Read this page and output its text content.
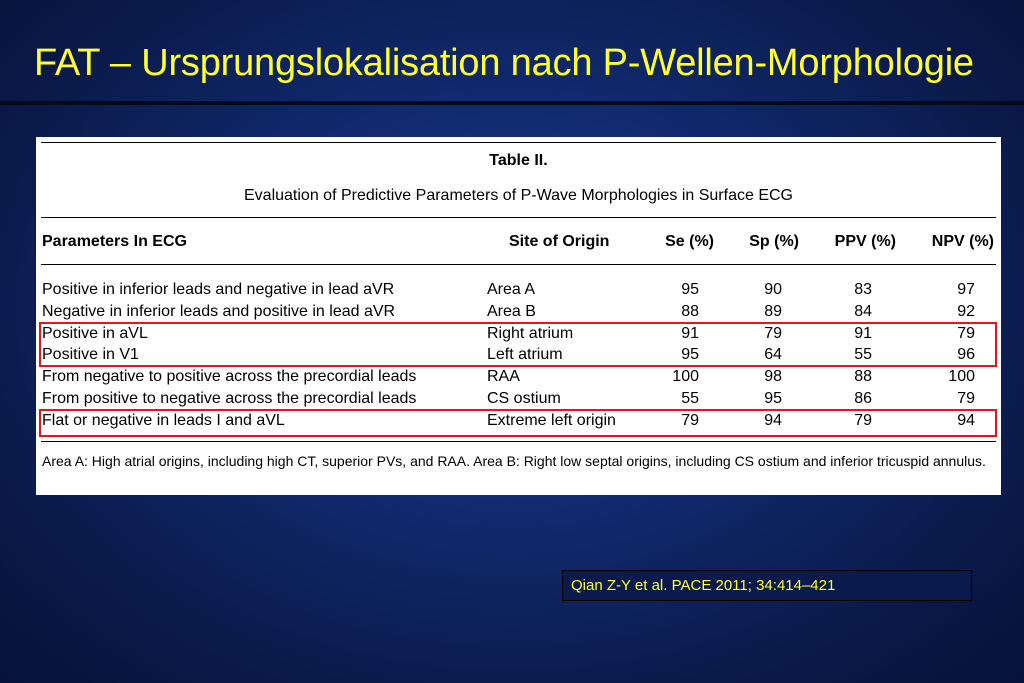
FAT – Ursprungslokalisation nach P-Wellen-Morphologie
Table II.
Evaluation of Predictive Parameters of P-Wave Morphologies in Surface ECG
Parameters In ECG	Site of Origin	Se (%)	Sp (%)	PPV (%)	NPV (%)
Positive in inferior leads and negative in lead aVR	Area A	95	90	83	97
Negative in inferior leads and positive in lead aVR	Area B	88	89	84	92
Positive in aVL	Right atrium	91	79	91	79
Positive in V1	Left atrium	95	64	55	96
From negative to positive across the precordial leads	RAA	100	98	88	100
From positive to negative across the precordial leads	CS ostium	55	95	86	79
Flat or negative in leads I and aVL	Extreme left origin	79	94	79	94
Area A: High atrial origins, including high CT, superior PVs, and RAA. Area B: Right low septal origins, including CS ostium and inferior tricuspid annulus.
Qian Z-Y et al. PACE 2011; 34:414–421
